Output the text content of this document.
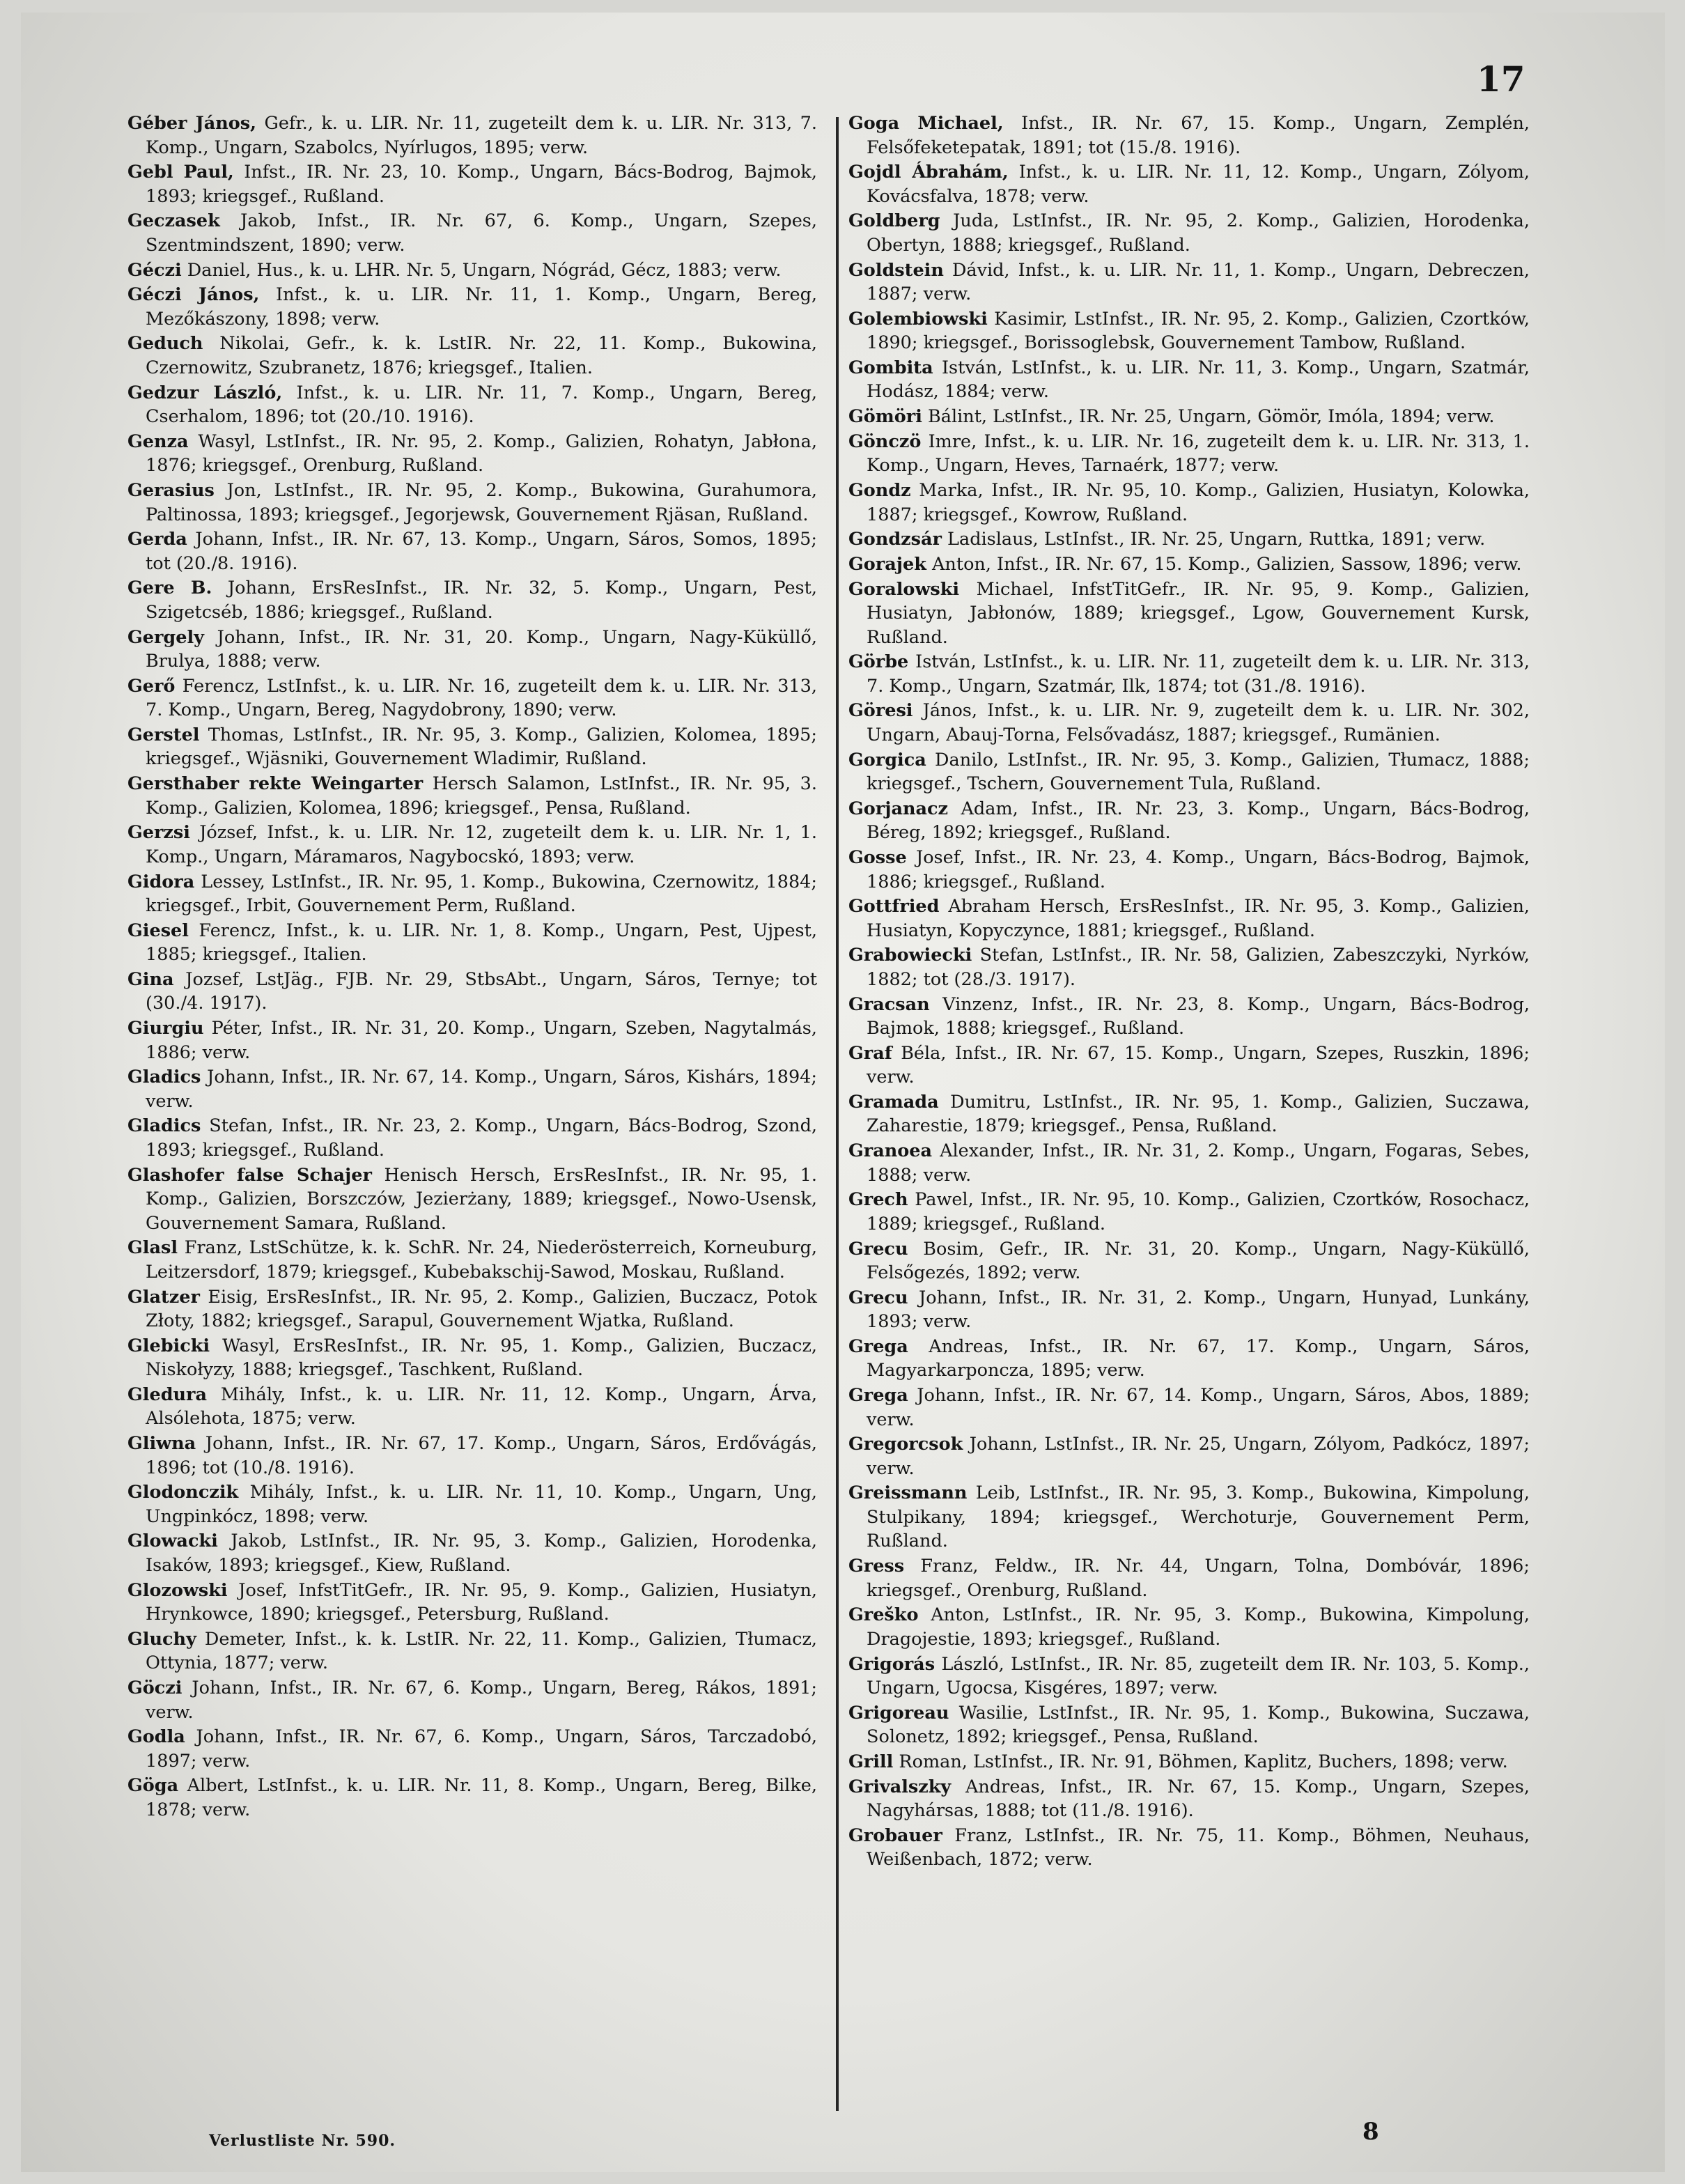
17
Géber János, Gefr., k. u. LIR. Nr. 11, zugeteilt dem k. u. LIR. Nr. 313, 7. Komp., Ungarn, Szabolcs, Nyírlugos, 1895; verw.
Gebl Paul, Infst., IR. Nr. 23, 10. Komp., Ungarn, Bács-Bodrog, Bajmok, 1893; kriegsgef., Rußland.
Geczasek Jakob, Infst., IR. Nr. 67, 6. Komp., Ungarn, Szepes, Szentmindszent, 1890; verw.
Géczi Daniel, Hus., k. u. LHR. Nr. 5, Ungarn, Nógrád, Gécz, 1883; verw.
Géczi János, Infst., k. u. LIR. Nr. 11, 1. Komp., Ungarn, Bereg, Mezőkászony, 1898; verw.
Geduch Nikolai, Gefr., k. k. LstIR. Nr. 22, 11. Komp., Bukowina, Czernowitz, Szubranetz, 1876; kriegsgef., Italien.
Gedzur László, Infst., k. u. LIR. Nr. 11, 7. Komp., Ungarn, Bereg, Cserhalom, 1896; tot (20./10. 1916).
Genza Wasyl, LstInfst., IR. Nr. 95, 2. Komp., Galizien, Rohatyn, Jabłona, 1876; kriegsgef., Orenburg, Rußland.
Gerasius Jon, LstInfst., IR. Nr. 95, 2. Komp., Bukowina, Gurahumora, Paltinossa, 1893; kriegsgef., Jegorjewsk, Gouvernement Rjäsan, Rußland.
Gerda Johann, Infst., IR. Nr. 67, 13. Komp., Ungarn, Sáros, Somos, 1895; tot (20./8. 1916).
Gere B. Johann, ErsResInfst., IR. Nr. 32, 5. Komp., Ungarn, Pest, Szigetcséb, 1886; kriegsgef., Rußland.
Gergely Johann, Infst., IR. Nr. 31, 20. Komp., Ungarn, Nagy-Küküllő, Brulya, 1888; verw.
Gerő Ferencz, LstInfst., k. u. LIR. Nr. 16, zugeteilt dem k. u. LIR. Nr. 313, 7. Komp., Ungarn, Bereg, Nagydobrony, 1890; verw.
Gerstel Thomas, LstInfst., IR. Nr. 95, 3. Komp., Galizien, Kolomea, 1895; kriegsgef., Wjäsniki, Gouvernement Wladimir, Rußland.
Gersthaber rekte Weingarter Hersch Salamon, LstInfst., IR. Nr. 95, 3. Komp., Galizien, Kolomea, 1896; kriegsgef., Pensa, Rußland.
Gerzsi József, Infst., k. u. LIR. Nr. 12, zugeteilt dem k. u. LIR. Nr. 1, 1. Komp., Ungarn, Máramaros, Nagybocskó, 1893; verw.
Gidora Lessey, LstInfst., IR. Nr. 95, 1. Komp., Bukowina, Czernowitz, 1884; kriegsgef., Irbit, Gouvernement Perm, Rußland.
Giesel Ferencz, Infst., k. u. LIR. Nr. 1, 8. Komp., Ungarn, Pest, Ujpest, 1885; kriegsgef., Italien.
Gina Jozsef, LstJäg., FJB. Nr. 29, StbsAbt., Ungarn, Sáros, Ternye; tot (30./4. 1917).
Giurgiu Péter, Infst., IR. Nr. 31, 20. Komp., Ungarn, Szeben, Nagytalmás, 1886; verw.
Gladics Johann, Infst., IR. Nr. 67, 14. Komp., Ungarn, Sáros, Kishárs, 1894; verw.
Gladics Stefan, Infst., IR. Nr. 23, 2. Komp., Ungarn, Bács-Bodrog, Szond, 1893; kriegsgef., Rußland.
Glashofer false Schajer Henisch Hersch, ErsResInfst., IR. Nr. 95, 1. Komp., Galizien, Borszczów, Jezierżany, 1889; kriegsgef., Nowo-Usensk, Gouvernement Samara, Rußland.
Glasl Franz, LstSchütze, k. k. SchR. Nr. 24, Niederösterreich, Korneuburg, Leitzersdorf, 1879; kriegsgef., Kubebakschij-Sawod, Moskau, Rußland.
Glatzer Eisig, ErsResInfst., IR. Nr. 95, 2. Komp., Galizien, Buczacz, Potok Złoty, 1882; kriegsgef., Sarapul, Gouvernement Wjatka, Rußland.
Glebicki Wasyl, ErsResInfst., IR. Nr. 95, 1. Komp., Galizien, Buczacz, Niskołyzy, 1888; kriegsgef., Taschkent, Rußland.
Gledura Mihály, Infst., k. u. LIR. Nr. 11, 12. Komp., Ungarn, Árva, Alsólehota, 1875; verw.
Gliwna Johann, Infst., IR. Nr. 67, 17. Komp., Ungarn, Sáros, Erdővágás, 1896; tot (10./8. 1916).
Glodonczik Mihály, Infst., k. u. LIR. Nr. 11, 10. Komp., Ungarn, Ung, Ungpinkócz, 1898; verw.
Glowacki Jakob, LstInfst., IR. Nr. 95, 3. Komp., Galizien, Horodenka, Isaków, 1893; kriegsgef., Kiew, Rußland.
Glozowski Josef, InfstTitGefr., IR. Nr. 95, 9. Komp., Galizien, Husiatyn, Hrynkowce, 1890; kriegsgef., Petersburg, Rußland.
Gluchy Demeter, Infst., k. k. LstIR. Nr. 22, 11. Komp., Galizien, Tłumacz, Ottynia, 1877; verw.
Göczi Johann, Infst., IR. Nr. 67, 6. Komp., Ungarn, Bereg, Rákos, 1891; verw.
Godla Johann, Infst., IR. Nr. 67, 6. Komp., Ungarn, Sáros, Tarczadobó, 1897; verw.
Göga Albert, LstInfst., k. u. LIR. Nr. 11, 8. Komp., Ungarn, Bereg, Bilke, 1878; verw.
Goga Michael, Infst., IR. Nr. 67, 15. Komp., Ungarn, Zemplén, Felsőfeketepatak, 1891; tot (15./8. 1916).
Gojdl Ábrahám, Infst., k. u. LIR. Nr. 11, 12. Komp., Ungarn, Zólyom, Kovácsfalva, 1878; verw.
Goldberg Juda, LstInfst., IR. Nr. 95, 2. Komp., Galizien, Horodenka, Obertyn, 1888; kriegsgef., Rußland.
Goldstein Dávid, Infst., k. u. LIR. Nr. 11, 1. Komp., Ungarn, Debreczen, 1887; verw.
Golembiowski Kasimir, LstInfst., IR. Nr. 95, 2. Komp., Galizien, Czortków, 1890; kriegsgef., Borissoglebsk, Gouvernement Tambow, Rußland.
Gombita István, LstInfst., k. u. LIR. Nr. 11, 3. Komp., Ungarn, Szatmár, Hodász, 1884; verw.
Gömöri Bálint, LstInfst., IR. Nr. 25, Ungarn, Gömör, Imóla, 1894; verw.
Gönczö Imre, Infst., k. u. LIR. Nr. 16, zugeteilt dem k. u. LIR. Nr. 313, 1. Komp., Ungarn, Heves, Tarnaérk, 1877; verw.
Gondz Marka, Infst., IR. Nr. 95, 10. Komp., Galizien, Husiatyn, Kolowka, 1887; kriegsgef., Kowrow, Rußland.
Gondzsár Ladislaus, LstInfst., IR. Nr. 25, Ungarn, Ruttka, 1891; verw.
Gorajek Anton, Infst., IR. Nr. 67, 15. Komp., Galizien, Sassow, 1896; verw.
Goralowski Michael, InfstTitGefr., IR. Nr. 95, 9. Komp., Galizien, Husiatyn, Jabłonów, 1889; kriegsgef., Lgow, Gouvernement Kursk, Rußland.
Görbe István, LstInfst., k. u. LIR. Nr. 11, zugeteilt dem k. u. LIR. Nr. 313, 7. Komp., Ungarn, Szatmár, Ilk, 1874; tot (31./8. 1916).
Göresi János, Infst., k. u. LIR. Nr. 9, zugeteilt dem k. u. LIR. Nr. 302, Ungarn, Abauj-Torna, Felsővadász, 1887; kriegsgef., Rumänien.
Gorgica Danilo, LstInfst., IR. Nr. 95, 3. Komp., Galizien, Tłumacz, 1888; kriegsgef., Tschern, Gouvernement Tula, Rußland.
Gorjanacz Adam, Infst., IR. Nr. 23, 3. Komp., Ungarn, Bács-Bodrog, Béreg, 1892; kriegsgef., Rußland.
Gosse Josef, Infst., IR. Nr. 23, 4. Komp., Ungarn, Bács-Bodrog, Bajmok, 1886; kriegsgef., Rußland.
Gottfried Abraham Hersch, ErsResInfst., IR. Nr. 95, 3. Komp., Galizien, Husiatyn, Kopyczynce, 1881; kriegsgef., Rußland.
Grabowiecki Stefan, LstInfst., IR. Nr. 58, Galizien, Zabeszczyki, Nyrków, 1882; tot (28./3. 1917).
Gracsan Vinzenz, Infst., IR. Nr. 23, 8. Komp., Ungarn, Bács-Bodrog, Bajmok, 1888; kriegsgef., Rußland.
Graf Béla, Infst., IR. Nr. 67, 15. Komp., Ungarn, Szepes, Ruszkin, 1896; verw.
Gramada Dumitru, LstInfst., IR. Nr. 95, 1. Komp., Galizien, Suczawa, Zaharestie, 1879; kriegsgef., Pensa, Rußland.
Granoea Alexander, Infst., IR. Nr. 31, 2. Komp., Ungarn, Fogaras, Sebes, 1888; verw.
Grech Pawel, Infst., IR. Nr. 95, 10. Komp., Galizien, Czortków, Rosochacz, 1889; kriegsgef., Rußland.
Grecu Bosim, Gefr., IR. Nr. 31, 20. Komp., Ungarn, Nagy-Küküllő, Felsőgezés, 1892; verw.
Grecu Johann, Infst., IR. Nr. 31, 2. Komp., Ungarn, Hunyad, Lunkány, 1893; verw.
Grega Andreas, Infst., IR. Nr. 67, 17. Komp., Ungarn, Sáros, Magyarkarponcza, 1895; verw.
Grega Johann, Infst., IR. Nr. 67, 14. Komp., Ungarn, Sáros, Abos, 1889; verw.
Gregorcsok Johann, LstInfst., IR. Nr. 25, Ungarn, Zólyom, Padkócz, 1897; verw.
Greissmann Leib, LstInfst., IR. Nr. 95, 3. Komp., Bukowina, Kimpolung, Stulpikany, 1894; kriegsgef., Werchoturje, Gouvernement Perm, Rußland.
Gress Franz, Feldw., IR. Nr. 44, Ungarn, Tolna, Dombóvár, 1896; kriegsgef., Orenburg, Rußland.
Greško Anton, LstInfst., IR. Nr. 95, 3. Komp., Bukowina, Kimpolung, Dragojestie, 1893; kriegsgef., Rußland.
Grigorás László, LstInfst., IR. Nr. 85, zugeteilt dem IR. Nr. 103, 5. Komp., Ungarn, Ugocsa, Kisgéres, 1897; verw.
Grigoreau Wasilie, LstInfst., IR. Nr. 95, 1. Komp., Bukowina, Suczawa, Solonetz, 1892; kriegsgef., Pensa, Rußland.
Grill Roman, LstInfst., IR. Nr. 91, Böhmen, Kaplitz, Buchers, 1898; verw.
Grivalszky Andreas, Infst., IR. Nr. 67, 15. Komp., Ungarn, Szepes, Nagyhársas, 1888; tot (11./8. 1916).
Grobauer Franz, LstInfst., IR. Nr. 75, 11. Komp., Böhmen, Neuhaus, Weißenbach, 1872; verw.
Verlustliste Nr. 590.	8
